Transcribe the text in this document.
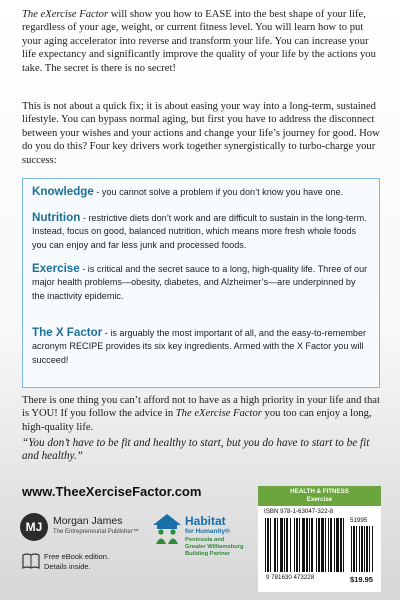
The eXercise Factor will show you how to EASE into the best shape of your life, regardless of your age, weight, or current fitness level. You will learn how to put your aging accelerator into reverse and transform your life. You can increase your life expectancy and significantly improve the quality of your life by the actions you take. The secret is there is no secret!
This is not about a quick fix; it is about easing your way into a long-term, sustained lifestyle. You can bypass normal aging, but first you have to address the disconnect between your wishes and your actions and change your life’s journey for good. How do you do this? Four key drivers work together synergistically to turbo-charge your success:
Knowledge - you cannot solve a problem if you don’t know you have one.
Nutrition - restrictive diets don’t work and are difficult to sustain in the long-term. Instead, focus on good, balanced nutrition, which means more fresh whole foods you can enjoy and far less junk and processed foods.
Exercise - is critical and the secret sauce to a long, high-quality life. Three of our major health problems—obesity, diabetes, and Alzheimer’s—are underpinned by the inactivity epidemic.
The X Factor - is arguably the most important of all, and the easy-to-remember acronym RECIPE provides its six key ingredients. Armed with the X Factor you will succeed!
There is one thing you can’t afford not to have as a high priority in your life and that is YOU! If you follow the advice in The eXercise Factor you too can enjoy a long, high-quality life.
“You don’t have to be fit and healthy to start, but you do have to start to be fit and healthy.”
www.TheeXerciseFactor.com
MJ	Morgan James
The Entrepreneurial Publisher™
Habitat
for Humanity®
Peninsula and
Greater Williamsburg
Building Partner
Free eBook edition.
Details inside.
HEALTH & FITNESS
Exercise
ISBN 978-1-63047-322-8
51995
9 781630 473228	$19.95
